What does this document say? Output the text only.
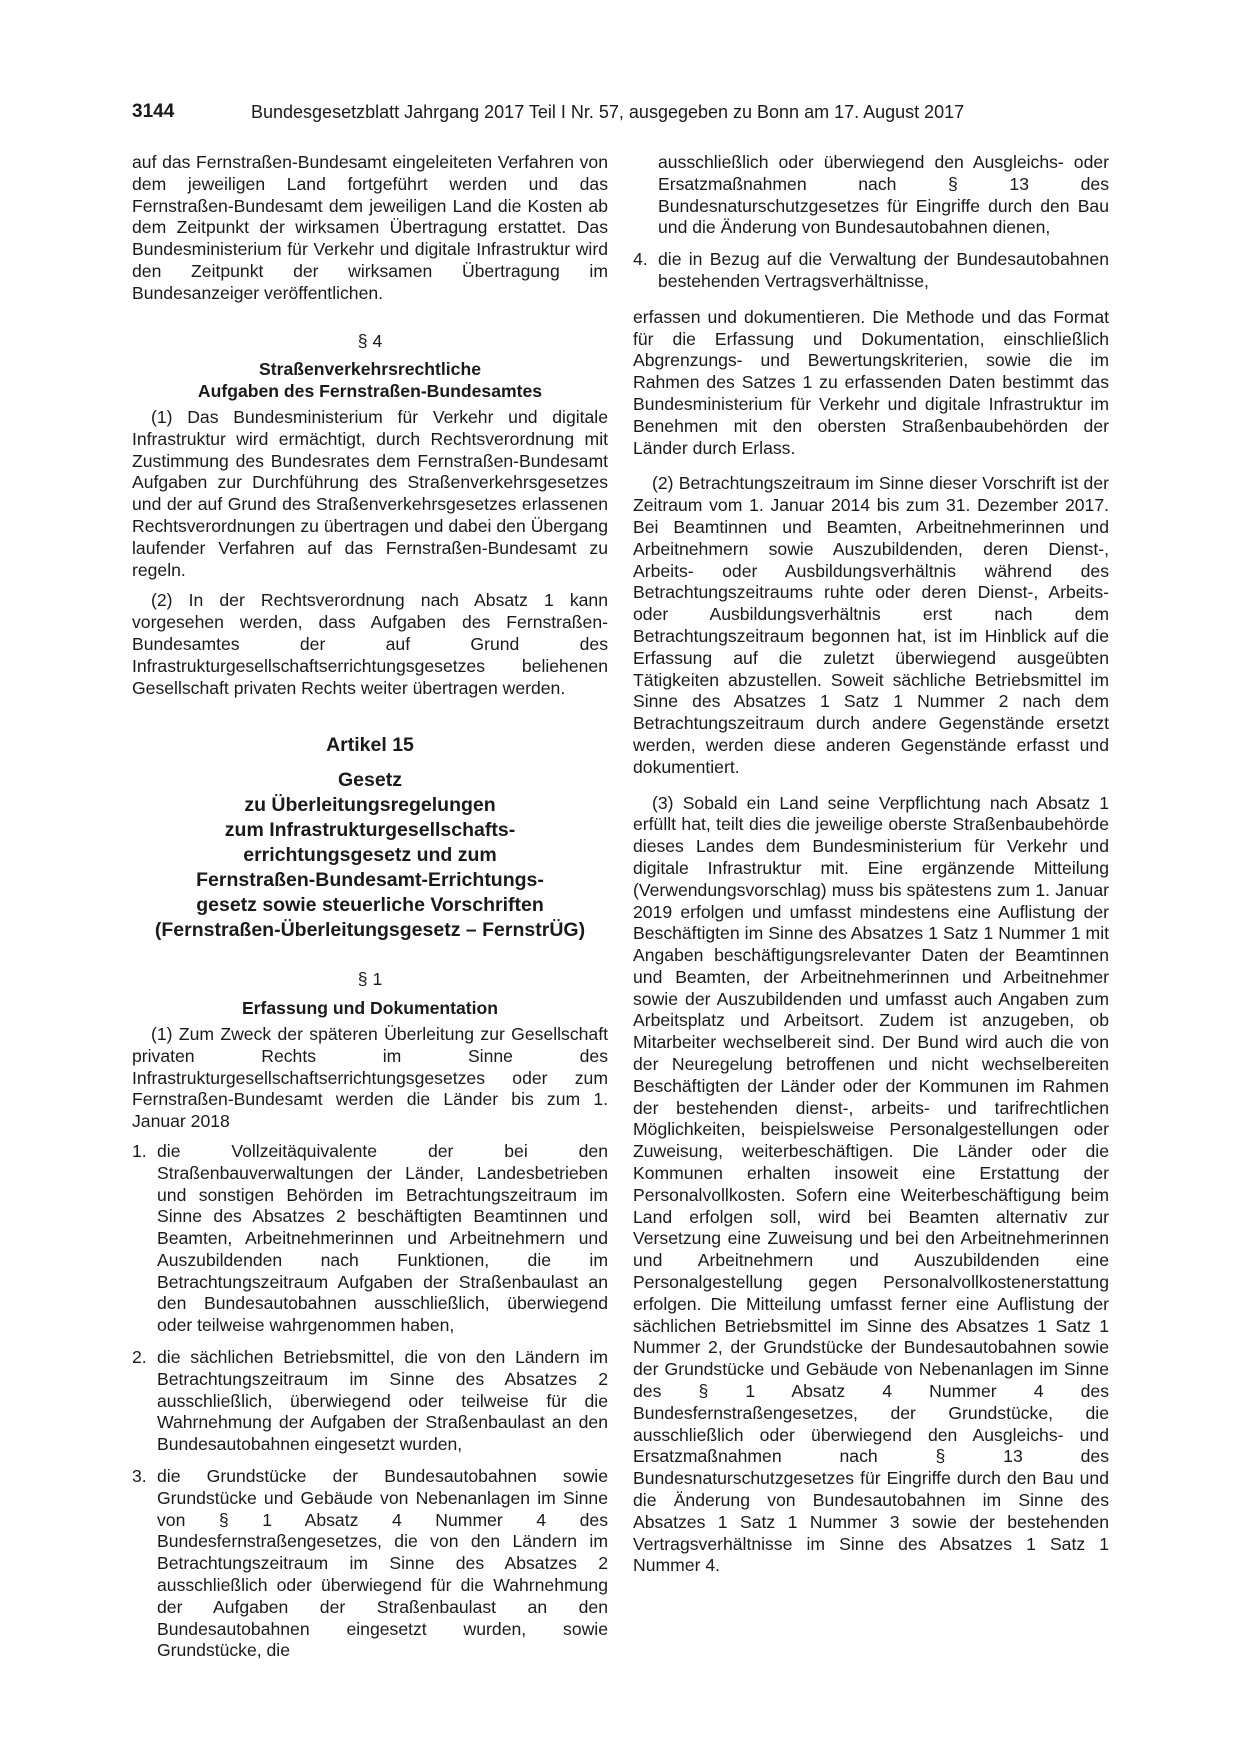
3144	Bundesgesetzblatt Jahrgang 2017 Teil I Nr. 57, ausgegeben zu Bonn am 17. August 2017

auf das Fernstraßen-Bundesamt eingeleiteten Verfahren von dem jeweiligen Land fortgeführt werden und das Fernstraßen-Bundesamt dem jeweiligen Land die Kosten ab dem Zeitpunkt der wirksamen Übertragung erstattet. Das Bundesministerium für Verkehr und digitale Infrastruktur wird den Zeitpunkt der wirksamen Übertragung im Bundesanzeiger veröffentlichen.

§ 4

Straßenverkehrsrechtliche
Aufgaben des Fernstraßen-Bundesamtes

(1) Das Bundesministerium für Verkehr und digitale Infrastruktur wird ermächtigt, durch Rechtsverordnung mit Zustimmung des Bundesrates dem Fernstraßen-Bundesamt Aufgaben zur Durchführung des Straßenverkehrsgesetzes und der auf Grund des Straßenverkehrsgesetzes erlassenen Rechtsverordnungen zu übertragen und dabei den Übergang laufender Verfahren auf das Fernstraßen-Bundesamt zu regeln.

(2) In der Rechtsverordnung nach Absatz 1 kann vorgesehen werden, dass Aufgaben des Fernstraßen-Bundesamtes der auf Grund des Infrastrukturgesellschaftserrichtungsgesetzes beliehenen Gesellschaft privaten Rechts weiter übertragen werden.

Artikel 15

Gesetz
zu Überleitungsregelungen
zum Infrastrukturgesellschafts-
errichtungsgesetz und zum
Fernstraßen-Bundesamt-Errichtungs-
gesetz sowie steuerliche Vorschriften
(Fernstraßen-Überleitungsgesetz – FernstrÜG)

§ 1

Erfassung und Dokumentation

(1) Zum Zweck der späteren Überleitung zur Gesellschaft privaten Rechts im Sinne des Infrastrukturgesellschaftserrichtungsgesetzes oder zum Fernstraßen-Bundesamt werden die Länder bis zum 1. Januar 2018

1. die Vollzeitäquivalente der bei den Straßenbauverwaltungen der Länder, Landesbetrieben und sonstigen Behörden im Betrachtungszeitraum im Sinne des Absatzes 2 beschäftigten Beamtinnen und Beamten, Arbeitnehmerinnen und Arbeitnehmern und Auszubildenden nach Funktionen, die im Betrachtungszeitraum Aufgaben der Straßenbaulast an den Bundesautobahnen ausschließlich, überwiegend oder teilweise wahrgenommen haben,
2. die sächlichen Betriebsmittel, die von den Ländern im Betrachtungszeitraum im Sinne des Absatzes 2 ausschließlich, überwiegend oder teilweise für die Wahrnehmung der Aufgaben der Straßenbaulast an den Bundesautobahnen eingesetzt wurden,
3. die Grundstücke der Bundesautobahnen sowie Grundstücke und Gebäude von Nebenanlagen im Sinne von § 1 Absatz 4 Nummer 4 des Bundesfernstraßengesetzes, die von den Ländern im Betrachtungszeitraum im Sinne des Absatzes 2 ausschließlich oder überwiegend für die Wahrnehmung der Aufgaben der Straßenbaulast an den Bundesautobahnen eingesetzt wurden, sowie Grundstücke, die
ausschließlich oder überwiegend den Ausgleichs- oder Ersatzmaßnahmen nach § 13 des Bundesnaturschutzgesetzes für Eingriffe durch den Bau und die Änderung von Bundesautobahnen dienen,
4. die in Bezug auf die Verwaltung der Bundesautobahnen bestehenden Vertragsverhältnisse,

erfassen und dokumentieren. Die Methode und das Format für die Erfassung und Dokumentation, einschließlich Abgrenzungs- und Bewertungskriterien, sowie die im Rahmen des Satzes 1 zu erfassenden Daten bestimmt das Bundesministerium für Verkehr und digitale Infrastruktur im Benehmen mit den obersten Straßenbaubehörden der Länder durch Erlass.

(2) Betrachtungszeitraum im Sinne dieser Vorschrift ist der Zeitraum vom 1. Januar 2014 bis zum 31. Dezember 2017. Bei Beamtinnen und Beamten, Arbeitnehmerinnen und Arbeitnehmern sowie Auszubildenden, deren Dienst-, Arbeits- oder Ausbildungsverhältnis während des Betrachtungszeitraums ruhte oder deren Dienst-, Arbeits- oder Ausbildungsverhältnis erst nach dem Betrachtungszeitraum begonnen hat, ist im Hinblick auf die Erfassung auf die zuletzt überwiegend ausgeübten Tätigkeiten abzustellen. Soweit sächliche Betriebsmittel im Sinne des Absatzes 1 Satz 1 Nummer 2 nach dem Betrachtungszeitraum durch andere Gegenstände ersetzt werden, werden diese anderen Gegenstände erfasst und dokumentiert.

(3) Sobald ein Land seine Verpflichtung nach Absatz 1 erfüllt hat, teilt dies die jeweilige oberste Straßenbaubehörde dieses Landes dem Bundesministerium für Verkehr und digitale Infrastruktur mit. Eine ergänzende Mitteilung (Verwendungsvorschlag) muss bis spätestens zum 1. Januar 2019 erfolgen und umfasst mindestens eine Auflistung der Beschäftigten im Sinne des Absatzes 1 Satz 1 Nummer 1 mit Angaben beschäftigungsrelevanter Daten der Beamtinnen und Beamten, der Arbeitnehmerinnen und Arbeitnehmer sowie der Auszubildenden und umfasst auch Angaben zum Arbeitsplatz und Arbeitsort. Zudem ist anzugeben, ob Mitarbeiter wechselbereit sind. Der Bund wird auch die von der Neuregelung betroffenen und nicht wechselbereiten Beschäftigten der Länder oder der Kommunen im Rahmen der bestehenden dienst-, arbeits- und tarifrechtlichen Möglichkeiten, beispielsweise Personalgestellungen oder Zuweisung, weiterbeschäftigen. Die Länder oder die Kommunen erhalten insoweit eine Erstattung der Personalvollkosten. Sofern eine Weiterbeschäftigung beim Land erfolgen soll, wird bei Beamten alternativ zur Versetzung eine Zuweisung und bei den Arbeitnehmerinnen und Arbeitnehmern und Auszubildenden eine Personalgestellung gegen Personalvollkostenerstattung erfolgen. Die Mitteilung umfasst ferner eine Auflistung der sächlichen Betriebsmittel im Sinne des Absatzes 1 Satz 1 Nummer 2, der Grundstücke der Bundesautobahnen sowie der Grundstücke und Gebäude von Nebenanlagen im Sinne des § 1 Absatz 4 Nummer 4 des Bundesfernstraßengesetzes, der Grundstücke, die ausschließlich oder überwiegend den Ausgleichs- und Ersatzmaßnahmen nach § 13 des Bundesnaturschutzgesetzes für Eingriffe durch den Bau und die Änderung von Bundesautobahnen im Sinne des Absatzes 1 Satz 1 Nummer 3 sowie der bestehenden Vertragsverhältnisse im Sinne des Absatzes 1 Satz 1 Nummer 4.
